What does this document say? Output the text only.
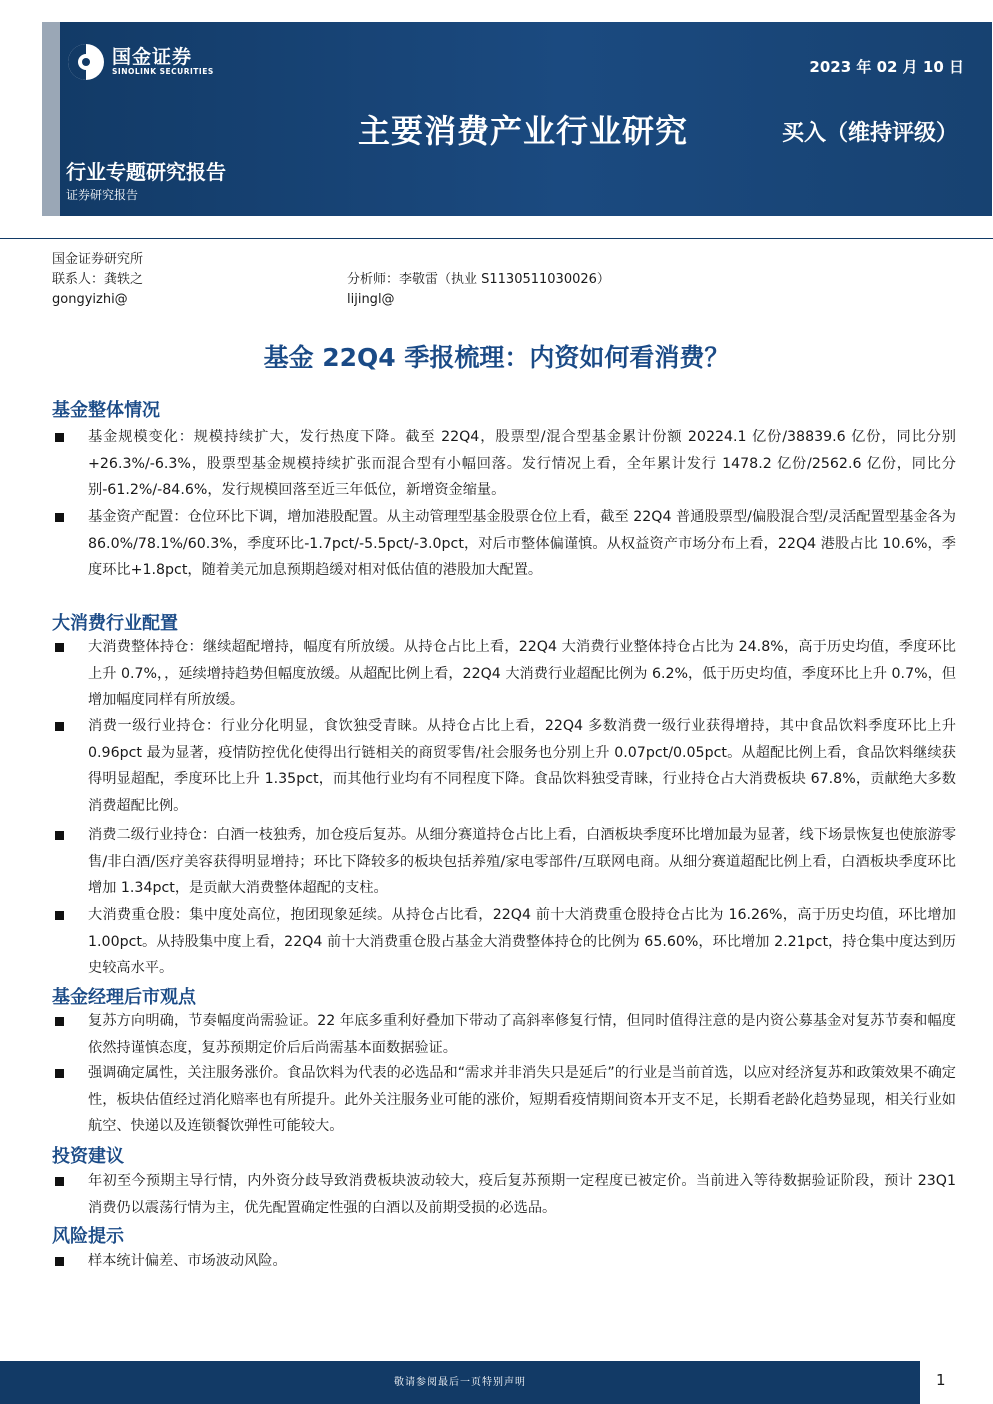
国金证券
SINOLINK SECURITIES	2023 年 02 月 10 日
主要消费产业行业研究	买入（维持评级）
行业专题研究报告
证券研究报告
国金证券研究所
联系人：龚轶之
gongyizhi@
分析师：李敬雷（执业 S1130511030026）
lijingl@
基金 22Q4 季报梳理：内资如何看消费？
基金整体情况
基金规模变化：规模持续扩大，发行热度下降。截至 22Q4，股票型/混合型基金累计份额 20224.1 亿份/38839.6 亿份，同比分别+26.3%/-6.3%，股票型基金规模持续扩张而混合型有小幅回落。发行情况上看，全年累计发行 1478.2 亿份/2562.6 亿份，同比分别-61.2%/-84.6%，发行规模回落至近三年低位，新增资金缩量。
基金资产配置：仓位环比下调，增加港股配置。从主动管理型基金股票仓位上看，截至 22Q4 普通股票型/偏股混合型/灵活配置型基金各为 86.0%/78.1%/60.3%，季度环比-1.7pct/-5.5pct/-3.0pct，对后市整体偏谨慎。从权益资产市场分布上看，22Q4 港股占比 10.6%，季度环比+1.8pct，随着美元加息预期趋缓对相对低估值的港股加大配置。
大消费行业配置
大消费整体持仓：继续超配增持，幅度有所放缓。从持仓占比上看，22Q4 大消费行业整体持仓占比为 24.8%，高于历史均值，季度环比上升 0.7%，，延续增持趋势但幅度放缓。从超配比例上看，22Q4 大消费行业超配比例为 6.2%，低于历史均值，季度环比上升 0.7%，但增加幅度同样有所放缓。
消费一级行业持仓：行业分化明显，食饮独受青睐。从持仓占比上看，22Q4 多数消费一级行业获得增持，其中食品饮料季度环比上升 0.96pct 最为显著，疫情防控优化使得出行链相关的商贸零售/社会服务也分别上升 0.07pct/0.05pct。从超配比例上看，食品饮料继续获得明显超配，季度环比上升 1.35pct，而其他行业均有不同程度下降。食品饮料独受青睐，行业持仓占大消费板块 67.8%，贡献绝大多数消费超配比例。
消费二级行业持仓：白酒一枝独秀，加仓疫后复苏。从细分赛道持仓占比上看，白酒板块季度环比增加最为显著，线下场景恢复也使旅游零售/非白酒/医疗美容获得明显增持；环比下降较多的板块包括养殖/家电零部件/互联网电商。从细分赛道超配比例上看，白酒板块季度环比增加 1.34pct，是贡献大消费整体超配的支柱。
大消费重仓股：集中度处高位，抱团现象延续。从持仓占比看，22Q4 前十大消费重仓股持仓占比为 16.26%，高于历史均值，环比增加 1.00pct。从持股集中度上看，22Q4 前十大消费重仓股占基金大消费整体持仓的比例为 65.60%，环比增加 2.21pct，持仓集中度达到历史较高水平。
基金经理后市观点
复苏方向明确，节奏幅度尚需验证。22 年底多重利好叠加下带动了高斜率修复行情，但同时值得注意的是内资公募基金对复苏节奏和幅度依然持谨慎态度，复苏预期定价后后尚需基本面数据验证。
强调确定属性，关注服务涨价。食品饮料为代表的必选品和“需求并非消失只是延后”的行业是当前首选，以应对经济复苏和政策效果不确定性，板块估值经过消化赔率也有所提升。此外关注服务业可能的涨价，短期看疫情期间资本开支不足，长期看老龄化趋势显现，相关行业如航空、快递以及连锁餐饮弹性可能较大。
投资建议
年初至今预期主导行情，内外资分歧导致消费板块波动较大，疫后复苏预期一定程度已被定价。当前进入等待数据验证阶段，预计 23Q1 消费仍以震荡行情为主，优先配置确定性强的白酒以及前期受损的必选品。
风险提示
样本统计偏差、市场波动风险。
敬请参阅最后一页特别声明	1
